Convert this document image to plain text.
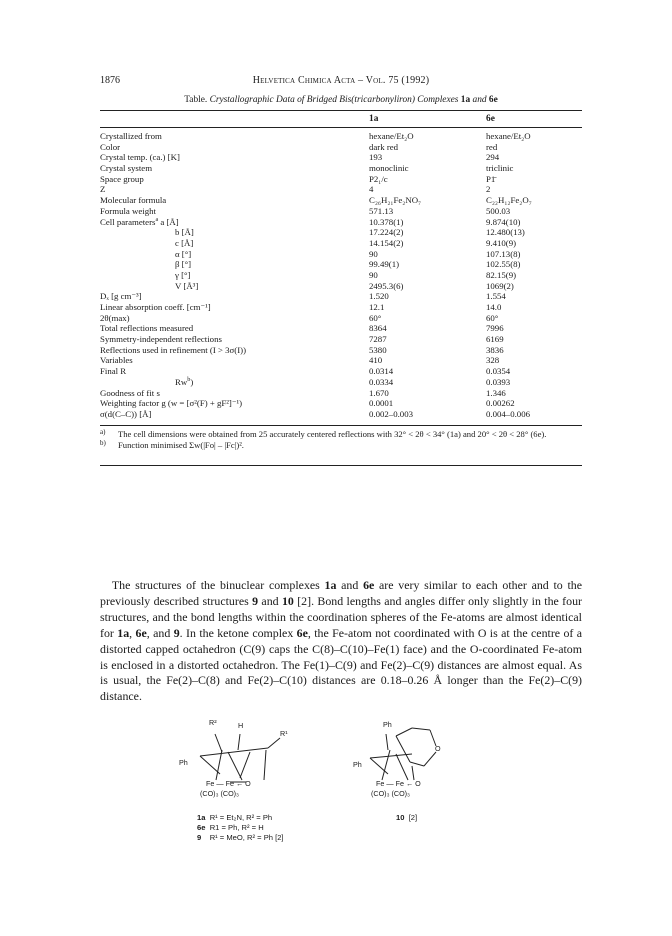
1876	Helvetica Chimica Acta – Vol. 75 (1992)
Table. Crystallographic Data of Bridged Bis(tricarbonyliron) Complexes 1a and 6e
1a	6e
Crystallized from	hexane/Et₂O	hexane/Et₂O
Color	dark red	red
Crystal temp. (ca.) [K]	193	294
Crystal system	monoclinic	triclinic
Space group	P2₁/c	P1̄
Z	4	2
Molecular formula	C₂₆H₂₁Fe₂NO₇	C₂₂H₁₂Fe₂O₇
Formula weight	571.13	500.03
Cell parameters$^a$ a [Å]	10.378(1)	9.874(10)
b [Å]	17.224(2)	12.480(13)
c [Å]	14.154(2)	9.410(9)
α [°]	90	107.13(8)
β [°]	99.49(1)	102.55(8)
γ [°]	90	82.15(9)
V [Å³]	2495.3(6)	1069(2)
Dₓ [g cm⁻³]	1.520	1.554
Linear absorption coeff. [cm⁻¹]	12.1	14.0
2θ(max)	60°	60°
Total reflections measured	8364	7996
Symmetry-independent reflections	7287	6169
Reflections used in refinement (I > 3σ(I))	5380	3836
Variables	410	328
Final R	0.0314	0.0354
Rw$^b$)	0.0334	0.0393
Goodness of fit s	1.670	1.346
Weighting factor g (w = [σ²(F) + gF²]⁻¹)	0.0001	0.00262
σ(d(C–C)) [Å]	0.002–0.003	0.004–0.006
a) The cell dimensions were obtained from 25 accurately centered reflections with 32° < 2θ < 34° (1a) and 20° < 2θ < 28° (6e).
b) Function minimised Σw(|Fo| – |Fc|)².
 The structures of the binuclear complexes 1a and 6e are very similar to each other and to the previously described structures 9 and 10 [2]. Bond lengths and angles differ only slightly in the four structures, and the bond lengths within the coordination spheres of the Fe-atoms are almost identical for 1a, 6e, and 9. In the ketone complex 6e, the Fe-atom not coordinated with O is at the centre of a distorted capped octahedron (C(9) caps the C(8)–C(10)–Fe(1) face) and the O-coordinated Fe-atom is enclosed in a distorted octahedron. The Fe(1)–C(9) and Fe(2)–C(9) distances are almost equal. As is usual, the Fe(2)–C(8) and Fe(2)–C(10) distances are 0.18–0.26 Å longer than the Fe(2)–C(9) distance.
R²	H
R¹
Ph
Fe — Fe ← O
(CO)₃ (CO)₃
1a R¹ = Et₂N, R² = Ph
6e R1 = Ph, R² = H
9 R¹ = MeO, R² = Ph [2]
Ph
O
Ph
Fe — Fe ← O
(CO)₃ (CO)₃
10 [2]
